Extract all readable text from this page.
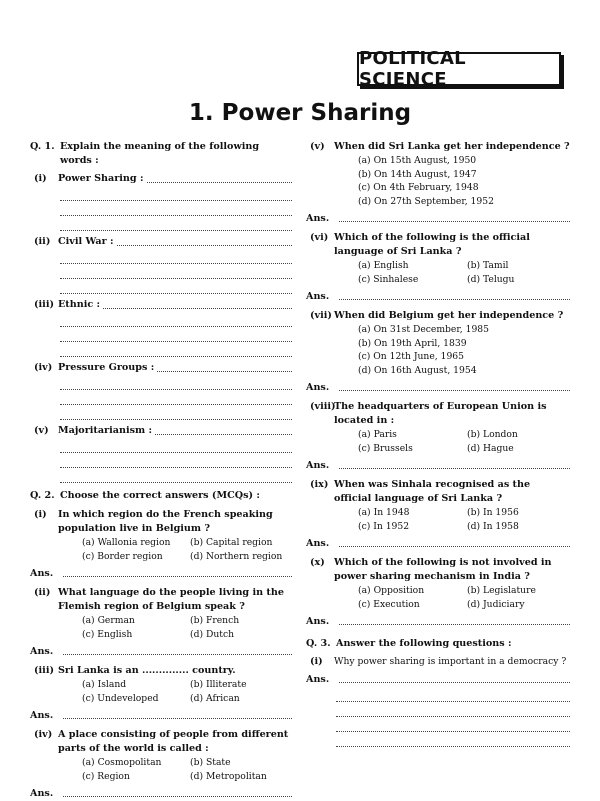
POLITICAL SCIENCE
1. Power Sharing
Q. 1. Explain the meaning of the following words :
(i)	Power Sharing :
(ii) Civil War :
(iii) Ethnic :
(iv) Pressure Groups :
(v) Majoritarianism :
Q. 2. Choose the correct answers (MCQs) :
(i)	In which region do the French speaking population live in Belgium ?
(a) Wallonia region	(b) Capital region
(c) Border region	(d) Northern region
Ans.
(ii) What language do the people living in the Flemish region of Belgium speak ?
(a) German	(b) French
(c) English	(d) Dutch
Ans.
(iii) Sri Lanka is an .............. country.
(a) Island	(b) Illiterate
(c) Undeveloped	(d) African
Ans.
(iv) A place consisting of people from different parts of the world is called :
(a) Cosmopolitan	(b) State
(c) Region	(d) Metropolitan
Ans.
(v) When did Sri Lanka get her independence ?
(a) On 15th August, 1950
(b) On 14th August, 1947
(c) On 4th February, 1948
(d) On 27th September, 1952
Ans.
(vi) Which of the following is the official language of Sri Lanka ?
(a) English	(b) Tamil
(c) Sinhalese	(d) Telugu
Ans.
(vii) When did Belgium get her independence ?
(a) On 31st December, 1985
(b) On 19th April, 1839
(c) On 12th June, 1965
(d) On 16th August, 1954
Ans.
(viii)
The headquarters of European Union is located in :
(a) Paris	(b) London
(c) Brussels	(d) Hague
Ans.
(ix) When was Sinhala recognised as the official language of Sri Lanka ?
(a) In 1948	(b) In 1956
(c) In 1952	(d) In 1958
Ans.
(x) Which of the following is not involved in power sharing mechanism in India ?
(a) Opposition	(b) Legislature
(c) Execution	(d) Judiciary
Ans.
Q. 3. Answer the following questions :
(i)	Why power sharing is important in a democracy ?
Ans.
